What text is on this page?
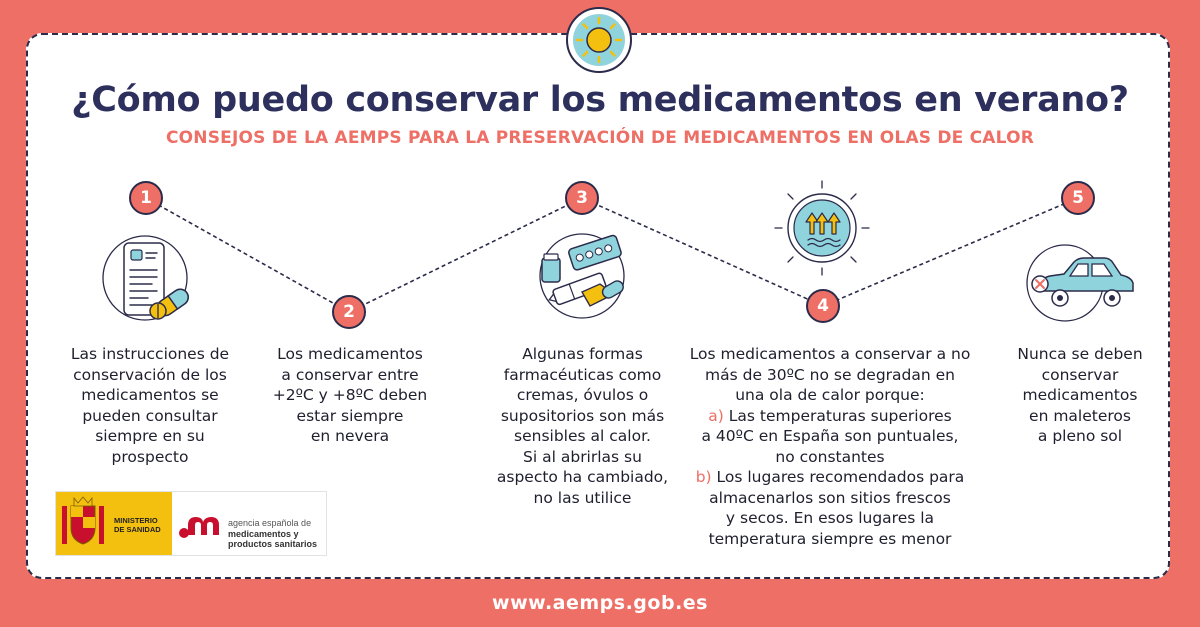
¿Cómo puedo conservar los medicamentos en verano?
CONSEJOS DE LA AEMPS PARA LA PRESERVACIÓN DE MEDICAMENTOS EN OLAS DE CALOR
1
2
3
4
5
Las instrucciones de
conservación de los
medicamentos se
pueden consultar
siempre en su
prospecto
Los medicamentos
a conservar entre
+2ºC y +8ºC deben
estar siempre
en nevera
Algunas formas
farmacéuticas como
cremas, óvulos o
supositorios son más
sensibles al calor.
Si al abrirlas su
aspecto ha cambiado,
no las utilice
Los medicamentos a conservar a no
más de 30ºC no se degradan en
una ola de calor porque:
a) Las temperaturas superiores
a 40ºC en España son puntuales,
no constantes
b) Los lugares recomendados para
almacenarlos son sitios frescos
y secos. En esos lugares la
temperatura siempre es menor
Nunca se deben
conservar
medicamentos
en maleteros
a pleno sol
MINISTERIO
DE SANIDAD
agencia española de
medicamentos y
productos sanitarios
www.aemps.gob.es
